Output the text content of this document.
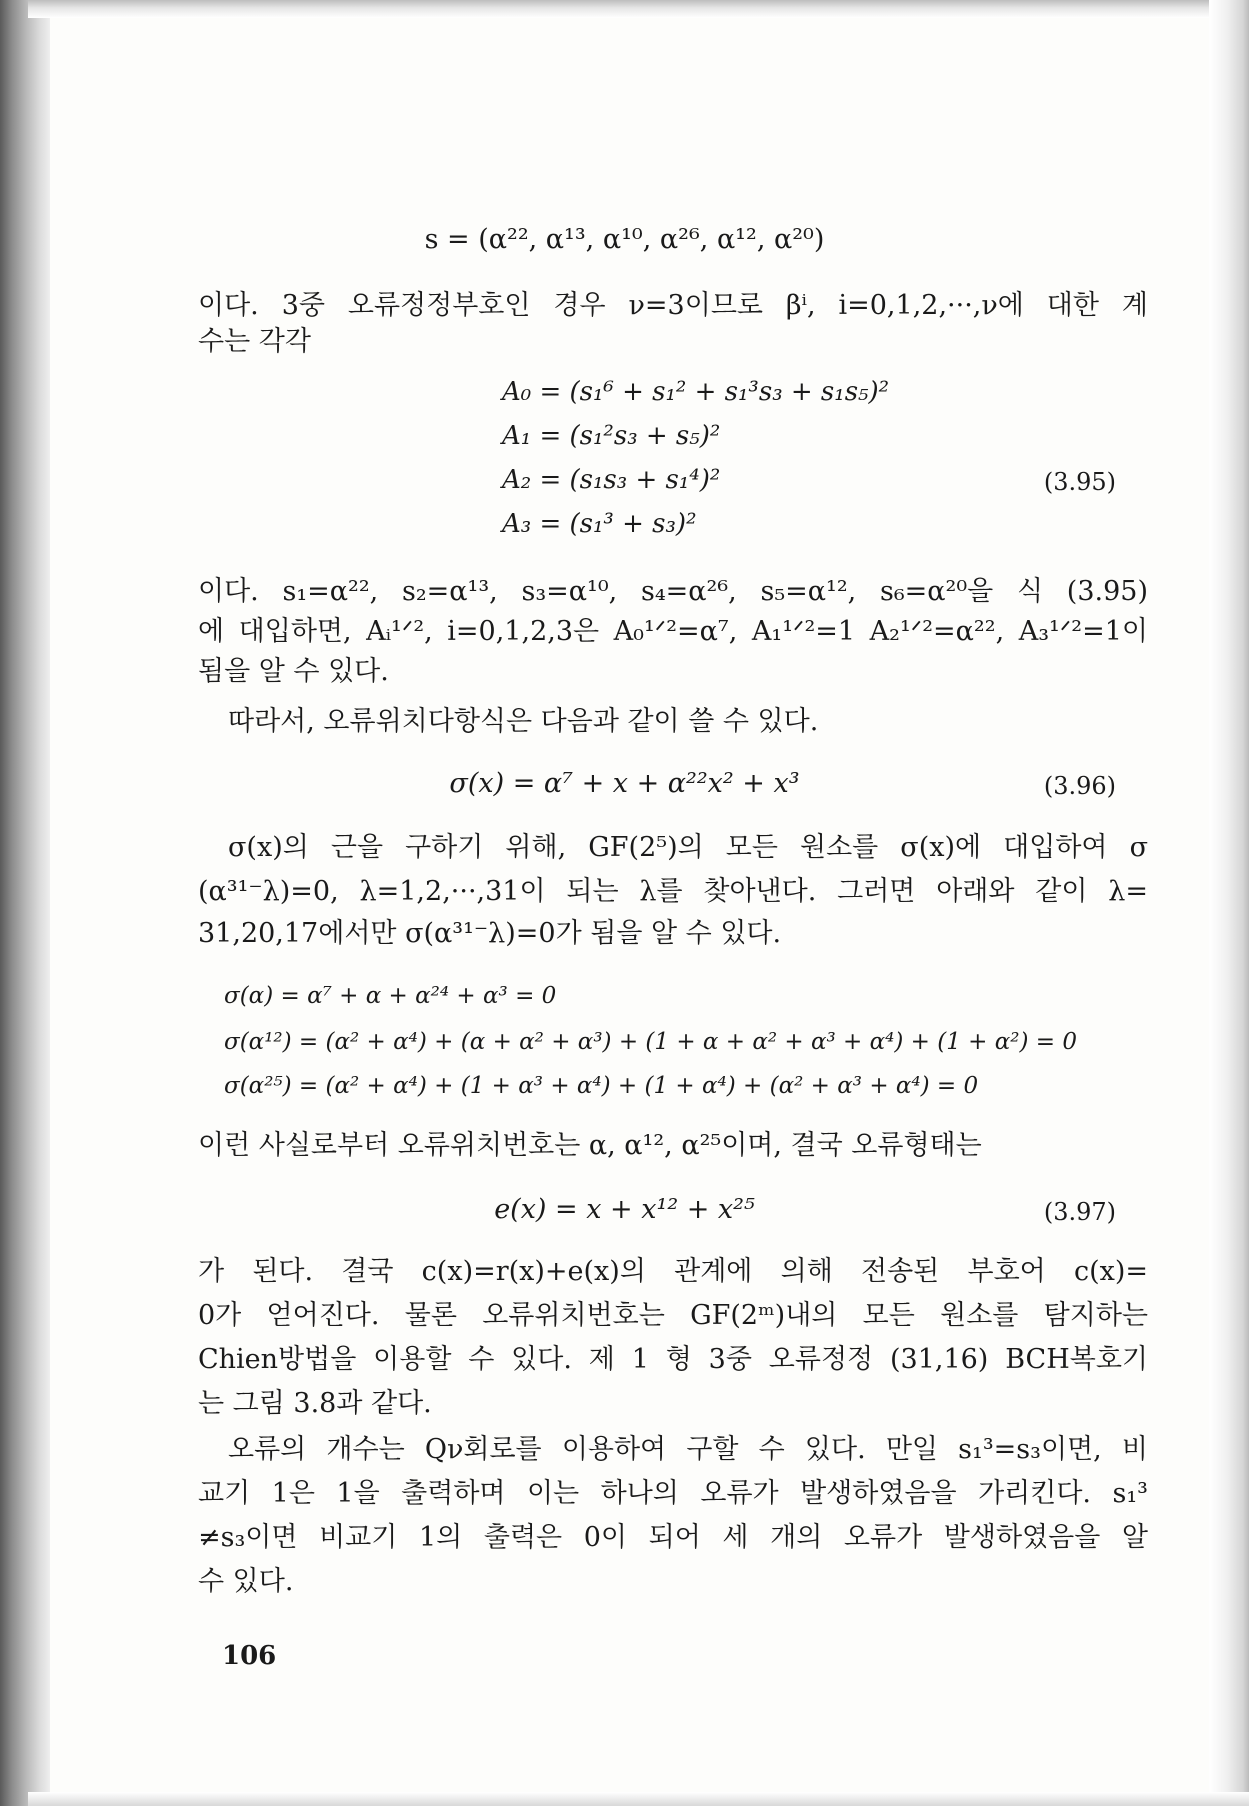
s = (α²², α¹³, α¹⁰, α²⁶, α¹², α²⁰)
이다. 3중 오류정정부호인 경우 ν=3이므로 βⁱ, i=0,1,2,···,ν에 대한 계
수는 각각
A₀ = (s₁⁶ + s₁² + s₁³s₃ + s₁s₅)²
A₁ = (s₁²s₃ + s₅)²
A₂ = (s₁s₃ + s₁⁴)²
A₃ = (s₁³ + s₃)²
(3.95)
이다. s₁=α²², s₂=α¹³, s₃=α¹⁰, s₄=α²⁶, s₅=α¹², s₆=α²⁰을 식 (3.95)
에 대입하면, Aᵢ¹ᐟ², i=0,1,2,3은 A₀¹ᐟ²=α⁷, A₁¹ᐟ²=1 A₂¹ᐟ²=α²², A₃¹ᐟ²=1이
됨을 알 수 있다.
따라서, 오류위치다항식은 다음과 같이 쓸 수 있다.
σ(x) = α⁷ + x + α²²x² + x³	(3.96)
σ(x)의 근을 구하기 위해, GF(2⁵)의 모든 원소를 σ(x)에 대입하여 σ
(α³¹⁻λ)=0, λ=1,2,···,31이 되는 λ를 찾아낸다. 그러면 아래와 같이 λ=
31,20,17에서만 σ(α³¹⁻λ)=0가 됨을 알 수 있다.
σ(α) = α⁷ + α + α²⁴ + α³ = 0
σ(α¹²) = (α² + α⁴) + (α + α² + α³) + (1 + α + α² + α³ + α⁴) + (1 + α²) = 0
σ(α²⁵) = (α² + α⁴) + (1 + α³ + α⁴) + (1 + α⁴) + (α² + α³ + α⁴) = 0
이런 사실로부터 오류위치번호는 α, α¹², α²⁵이며, 결국 오류형태는
e(x) = x + x¹² + x²⁵	(3.97)
가 된다. 결국 c(x)=r(x)+e(x)의 관계에 의해 전송된 부호어 c(x)=
0가 얻어진다. 물론 오류위치번호는 GF(2ᵐ)내의 모든 원소를 탐지하는
Chien방법을 이용할 수 있다. 제 1 형 3중 오류정정 (31,16) BCH복호기
는 그림 3.8과 같다.
오류의 개수는 Qν회로를 이용하여 구할 수 있다. 만일 s₁³=s₃이면, 비
교기 1은 1을 출력하며 이는 하나의 오류가 발생하였음을 가리킨다. s₁³
≠s₃이면 비교기 1의 출력은 0이 되어 세 개의 오류가 발생하였음을 알
수 있다.
106
